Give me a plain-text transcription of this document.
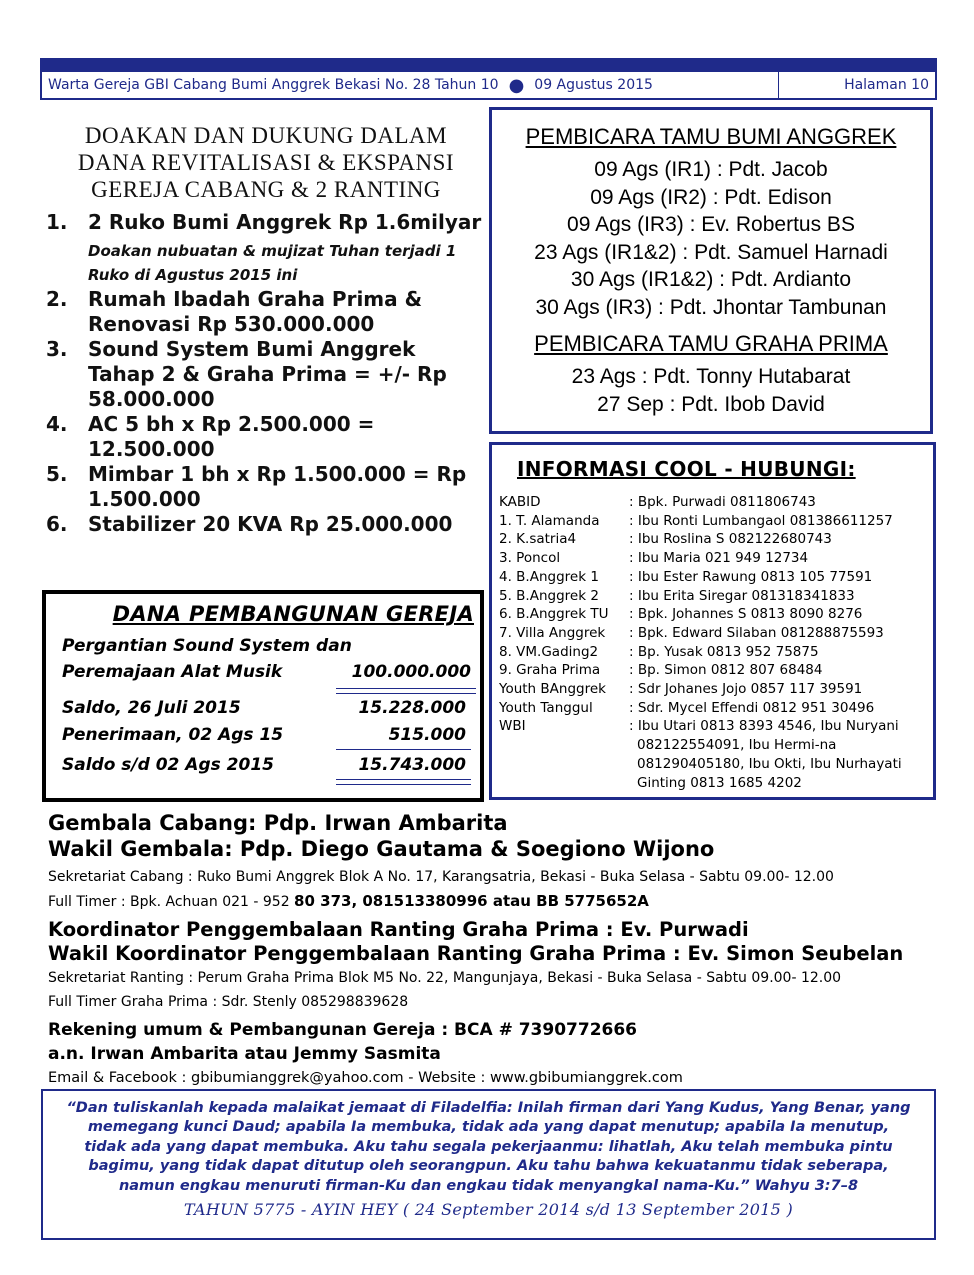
Warta Gereja GBI Cabang Bumi Anggrek Bekasi No. 28 Tahun 10 ● 09 Agustus 2015	Halaman 10
DOAKAN DAN DUKUNG DALAM
DANA REVITALISASI & EKSPANSI
GEREJA CABANG & 2 RANTING
1.	2 Ruko Bumi Anggrek Rp 1.6milyar
Doakan nubuatan & mujizat Tuhan terjadi 1 Ruko di Agustus 2015 ini
2.	Rumah Ibadah Graha Prima & Renovasi Rp 530.000.000
3.	Sound System Bumi Anggrek Tahap 2 & Graha Prima = +/- Rp 58.000.000
4.	AC 5 bh x Rp 2.500.000 = 12.500.000
5.	Mimbar 1 bh x Rp 1.500.000 = Rp 1.500.000
6.	Stabilizer 20 KVA Rp 25.000.000
PEMBICARA TAMU BUMI ANGGREK
09 Ags (IR1) : Pdt. Jacob
09 Ags (IR2) : Pdt. Edison
09 Ags (IR3) : Ev. Robertus BS
23 Ags (IR1&2) : Pdt. Samuel Harnadi
30 Ags (IR1&2) : Pdt. Ardianto
30 Ags (IR3) : Pdt. Jhontar Tambunan
PEMBICARA TAMU GRAHA PRIMA
23 Ags : Pdt. Tonny Hutabarat
27 Sep : Pdt. Ibob David
INFORMASI COOL - HUBUNGI:
KABID	: Bpk. Purwadi 0811806743
1. T. Alamanda	: Ibu Ronti Lumbangaol 081386611257
2. K.satria4	: Ibu Roslina S 082122680743
3. Poncol	: Ibu Maria 021 949 12734
4. B.Anggrek 1	: Ibu Ester Rawung 0813 105 77591
5. B.Anggrek 2	: Ibu Erita Siregar 081318341833
6. B.Anggrek TU	: Bpk. Johannes S 0813 8090 8276
7. Villa Anggrek	: Bpk. Edward Silaban 081288875593
8. VM.Gading2	: Bp. Yusak 0813 952 75875
9. Graha Prima	: Bp. Simon 0812 807 68484
Youth BAnggrek	: Sdr Johanes Jojo 0857 117 39591
Youth Tanggul	: Sdr. Mycel Effendi 0812 951 30496
WBI	: Ibu Utari 0813 8393 4546, Ibu Nuryani 082122554091, Ibu Hermi-na 081290405180, Ibu Okti, Ibu Nurhayati Ginting 0813 1685 4202
DANA PEMBANGUNAN GEREJA
Pergantian Sound System dan
Peremajaan Alat Musik	100.000.000
Saldo, 26 Juli 2015	15.228.000
Penerimaan, 02 Ags 15	515.000
Saldo s/d 02 Ags 2015	15.743.000
Gembala Cabang: Pdp. Irwan Ambarita
Wakil Gembala: Pdp. Diego Gautama & Soegiono Wijono
Sekretariat Cabang : Ruko Bumi Anggrek Blok A No. 17, Karangsatria, Bekasi - Buka Selasa - Sabtu 09.00- 12.00
Full Timer : Bpk. Achuan 021 - 952 80 373, 081513380996 atau BB 5775652A
Koordinator Penggembalaan Ranting Graha Prima : Ev. Purwadi
Wakil Koordinator Penggembalaan Ranting Graha Prima : Ev. Simon Seubelan
Sekretariat Ranting : Perum Graha Prima Blok M5 No. 22, Mangunjaya, Bekasi - Buka Selasa - Sabtu 09.00- 12.00
Full Timer Graha Prima : Sdr. Stenly 085298839628
Rekening umum & Pembangunan Gereja : BCA # 7390772666
a.n. Irwan Ambarita atau Jemmy Sasmita
Email & Facebook : gbibumianggrek@yahoo.com - Website : www.gbibumianggrek.com

“Dan tuliskanlah kepada malaikat jemaat di Filadelfia: Inilah firman dari Yang Kudus, Yang Benar, yang memegang kunci Daud; apabila Ia membuka, tidak ada yang dapat menutup; apabila Ia menutup, tidak ada yang dapat membuka. Aku tahu segala pekerjaanmu: lihatlah, Aku telah membuka pintu bagimu, yang tidak dapat ditutup oleh seorangpun. Aku tahu bahwa kekuatanmu tidak seberapa, namun engkau menuruti firman-Ku dan engkau tidak menyangkal nama-Ku.” Wahyu 3:7–8

TAHUN 5775 - AYIN HEY ( 24 September 2014 s/d 13 September 2015 )
